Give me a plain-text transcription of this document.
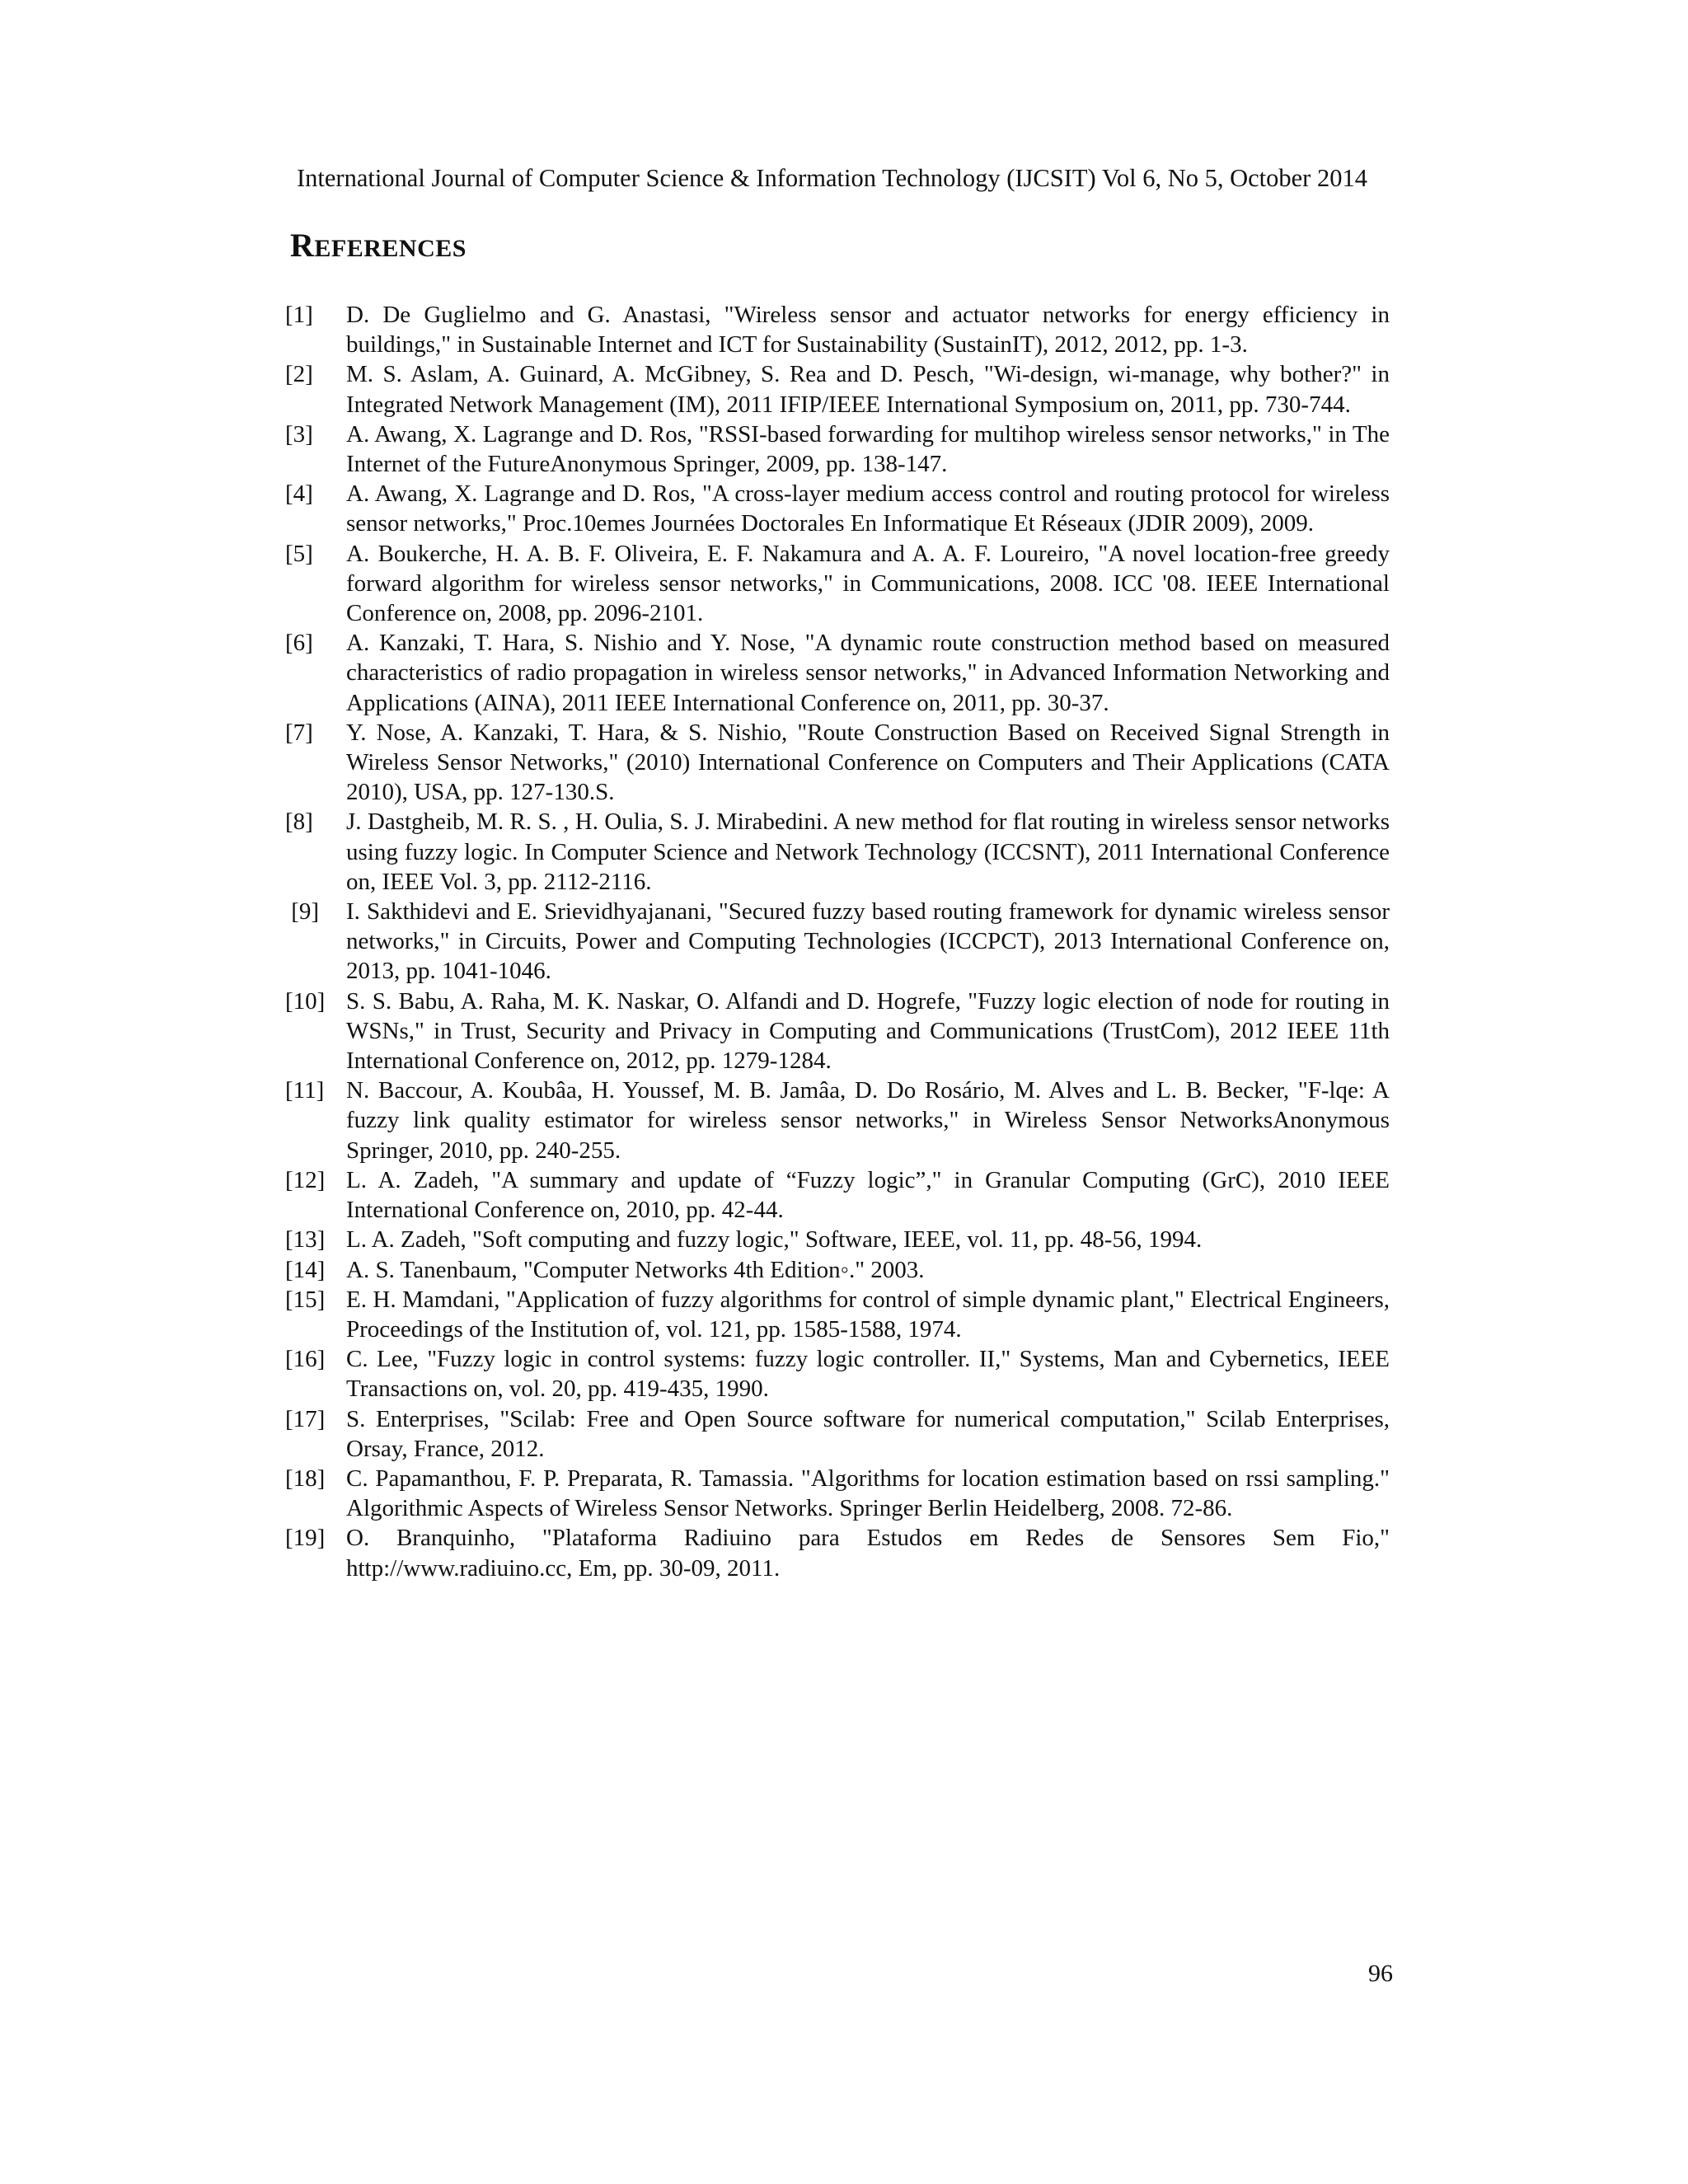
International Journal of Computer Science & Information Technology (IJCSIT) Vol 6, No 5, October 2014
REFERENCES
[1]	D. De Guglielmo and G. Anastasi, "Wireless sensor and actuator networks for energy efficiency in buildings," in Sustainable Internet and ICT for Sustainability (SustainIT), 2012, 2012, pp. 1-3.
[2]	M. S. Aslam, A. Guinard, A. McGibney, S. Rea and D. Pesch, "Wi-design, wi-manage, why bother?" in Integrated Network Management (IM), 2011 IFIP/IEEE International Symposium on, 2011, pp. 730-744.
[3]	A. Awang, X. Lagrange and D. Ros, "RSSI-based forwarding for multihop wireless sensor networks," in The Internet of the FutureAnonymous Springer, 2009, pp. 138-147.
[4]	A. Awang, X. Lagrange and D. Ros, "A cross-layer medium access control and routing protocol for wireless sensor networks," Proc.10emes Journées Doctorales En Informatique Et Réseaux (JDIR 2009), 2009.
[5]	A. Boukerche, H. A. B. F. Oliveira, E. F. Nakamura and A. A. F. Loureiro, "A novel location-free greedy forward algorithm for wireless sensor networks," in Communications, 2008. ICC '08. IEEE International Conference on, 2008, pp. 2096-2101.
[6]	A. Kanzaki, T. Hara, S. Nishio and Y. Nose, "A dynamic route construction method based on measured characteristics of radio propagation in wireless sensor networks," in Advanced Information Networking and Applications (AINA), 2011 IEEE International Conference on, 2011, pp. 30-37.
[7]	Y. Nose, A. Kanzaki, T. Hara, & S. Nishio, "Route Construction Based on Received Signal Strength in Wireless Sensor Networks," (2010) International Conference on Computers and Their Applications (CATA 2010), USA, pp. 127-130.S.
[8]	J. Dastgheib, M. R. S. , H. Oulia, S. J. Mirabedini. A new method for flat routing in wireless sensor networks using fuzzy logic. In Computer Science and Network Technology (ICCSNT), 2011 International Conference on, IEEE Vol. 3, pp. 2112-2116.
[9]	I. Sakthidevi and E. Srievidhyajanani, "Secured fuzzy based routing framework for dynamic wireless sensor networks," in Circuits, Power and Computing Technologies (ICCPCT), 2013 International Conference on, 2013, pp. 1041-1046.
[10] S. S. Babu, A. Raha, M. K. Naskar, O. Alfandi and D. Hogrefe, "Fuzzy logic election of node for routing in WSNs," in Trust, Security and Privacy in Computing and Communications (TrustCom), 2012 IEEE 11th International Conference on, 2012, pp. 1279-1284.
[11] N. Baccour, A. Koubâa, H. Youssef, M. B. Jamâa, D. Do Rosário, M. Alves and L. B. Becker, "F-lqe: A fuzzy link quality estimator for wireless sensor networks," in Wireless Sensor NetworksAnonymous Springer, 2010, pp. 240-255.
[12] L. A. Zadeh, "A summary and update of “Fuzzy logic”," in Granular Computing (GrC), 2010 IEEE International Conference on, 2010, pp. 42-44.
[13] L. A. Zadeh, "Soft computing and fuzzy logic," Software, IEEE, vol. 11, pp. 48-56, 1994.
[14] A. S. Tanenbaum, "Computer Networks 4th Edition◦." 2003.
[15] E. H. Mamdani, "Application of fuzzy algorithms for control of simple dynamic plant," Electrical Engineers, Proceedings of the Institution of, vol. 121, pp. 1585-1588, 1974.
[16] C. Lee, "Fuzzy logic in control systems: fuzzy logic controller. II," Systems, Man and Cybernetics, IEEE Transactions on, vol. 20, pp. 419-435, 1990.
[17] S. Enterprises, "Scilab: Free and Open Source software for numerical computation," Scilab Enterprises, Orsay, France, 2012.
[18] C. Papamanthou, F. P. Preparata, R. Tamassia. "Algorithms for location estimation based on rssi sampling." Algorithmic Aspects of Wireless Sensor Networks. Springer Berlin Heidelberg, 2008. 72-86.
[19] O. Branquinho, "Plataforma Radiuino para Estudos em Redes de Sensores Sem Fio," http://www.radiuino.cc, Em, pp. 30-09, 2011.
96
